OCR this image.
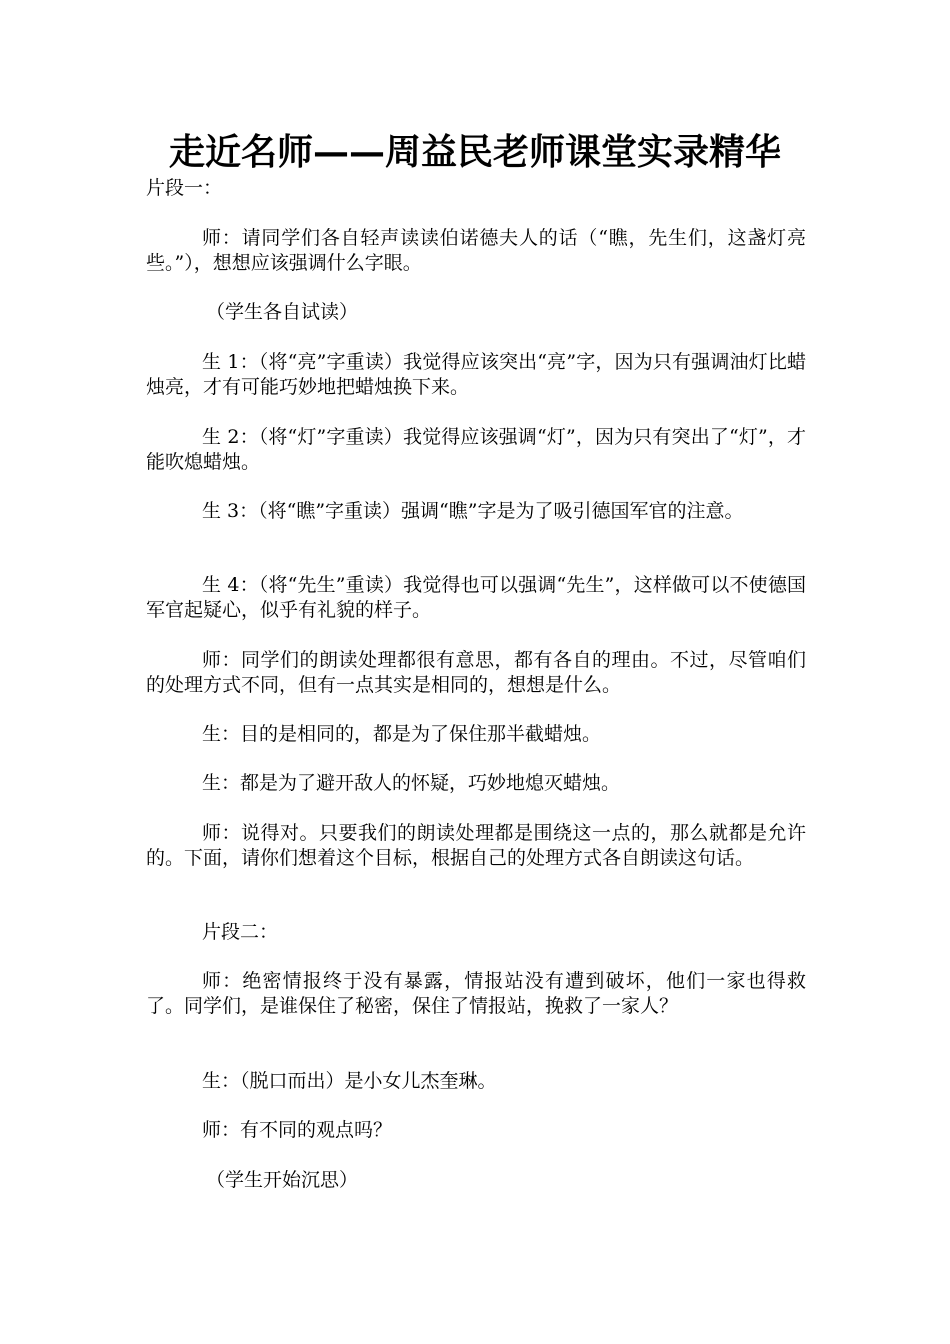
走近名师——周益民老师课堂实录精华

片段一：

师：请同学们各自轻声读读伯诺德夫人的话（“瞧，先生们，这盏灯亮些。”），想想应该强调什么字眼。

（学生各自试读）

生 1：（将“亮”字重读）我觉得应该突出“亮”字，因为只有强调油灯比蜡烛亮，才有可能巧妙地把蜡烛换下来。

生 2：（将“灯”字重读）我觉得应该强调“灯”，因为只有突出了“灯”，才能吹熄蜡烛。

生 3：（将“瞧”字重读）强调“瞧”字是为了吸引德国军官的注意。

生 4：（将“先生”重读）我觉得也可以强调“先生”，这样做可以不使德国军官起疑心，似乎有礼貌的样子。

师：同学们的朗读处理都很有意思，都有各自的理由。不过，尽管咱们的处理方式不同，但有一点其实是相同的，想想是什么。

生：目的是相同的，都是为了保住那半截蜡烛。

生：都是为了避开敌人的怀疑，巧妙地熄灭蜡烛。

师：说得对。只要我们的朗读处理都是围绕这一点的，那么就都是允许的。下面，请你们想着这个目标，根据自己的处理方式各自朗读这句话。

片段二：

师：绝密情报终于没有暴露，情报站没有遭到破坏，他们一家也得救了。同学们，是谁保住了秘密，保住了情报站，挽救了一家人？

生：（脱口而出）是小女儿杰奎琳。

师：有不同的观点吗？

（学生开始沉思）
